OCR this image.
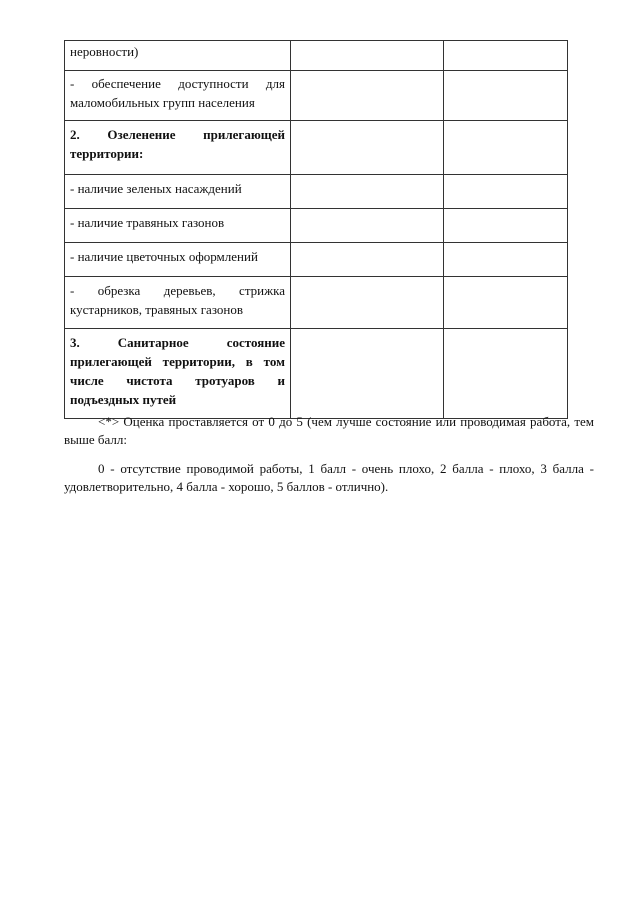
неровности)		
- обеспечение доступности для маломобильных групп населения		
2. Озеленение прилегающей территории:		
- наличие зеленых насаждений		
- наличие травяных газонов		
- наличие цветочных оформлений		
- обрезка деревьев, стрижка кустарников, травяных газонов		
3. Санитарное состояние прилегающей территории, в том числе чистота тротуаров и подъездных путей		

<*> Оценка проставляется от 0 до 5 (чем лучше состояние или проводимая работа, тем выше балл:

0 - отсутствие проводимой работы, 1 балл - очень плохо, 2 балла - плохо, 3 балла - удовлетворительно, 4 балла - хорошо, 5 баллов - отлично).
